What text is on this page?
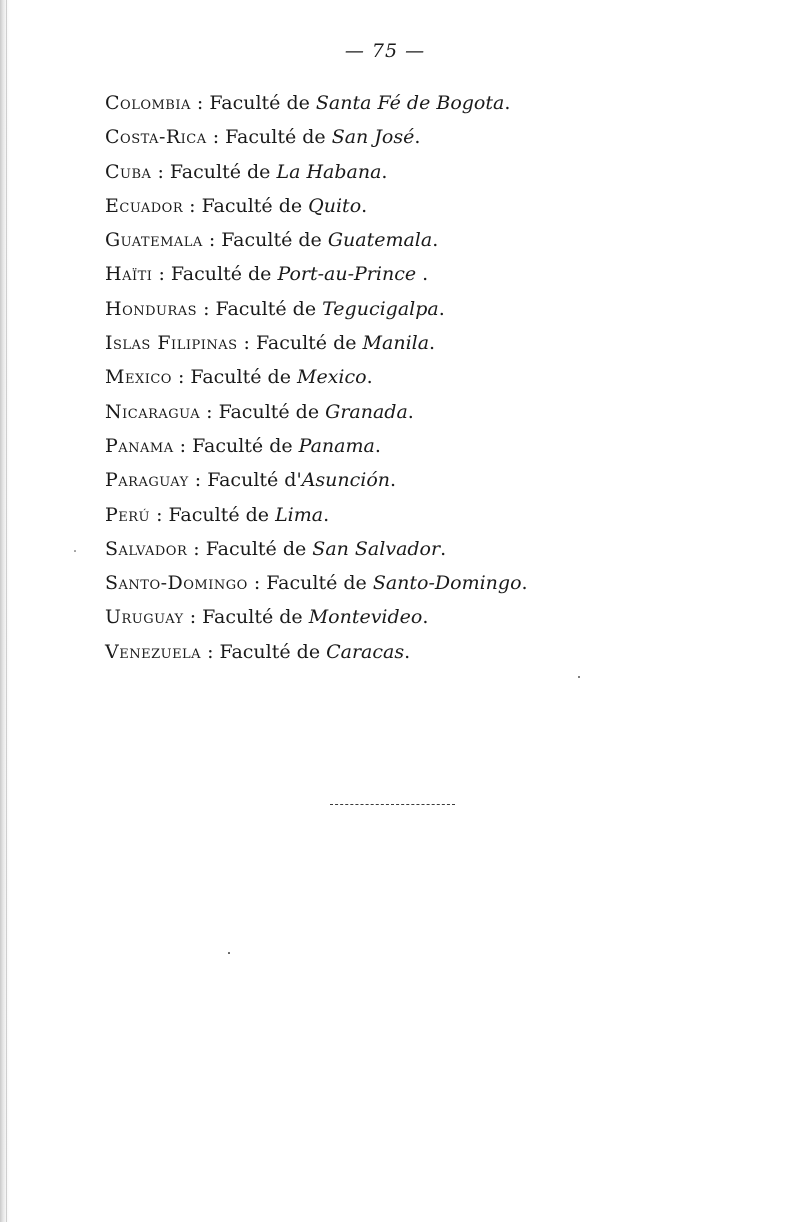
— 75 —
Colombia : Faculté de Santa Fé de Bogota.
Costa-Rica : Faculté de San José.
Cuba : Faculté de La Habana.
Ecuador : Faculté de Quito.
Guatemala : Faculté de Guatemala.
Haïti : Faculté de Port-au-Prince .
Honduras : Faculté de Tegucigalpa.
Islas Filipinas : Faculté de Manila.
Mexico : Faculté de Mexico.
Nicaragua : Faculté de Granada.
Panama : Faculté de Panama.
Paraguay : Faculté d'Asunción.
Perú : Faculté de Lima.
Salvador : Faculté de San Salvador.
Santo-Domingo : Faculté de Santo-Domingo.
Uruguay : Faculté de Montevideo.
Venezuela : Faculté de Caracas.
